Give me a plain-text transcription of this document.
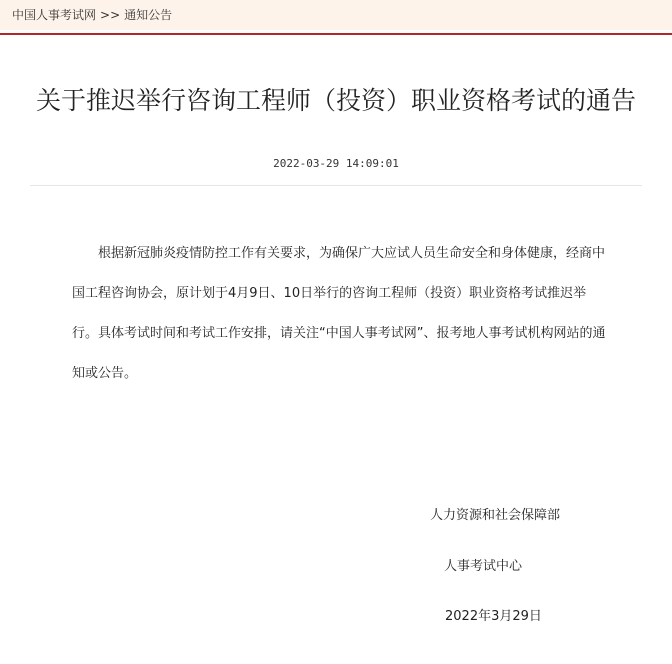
中国人事考试网 >> 通知公告
关于推迟举行咨询工程师（投资）职业资格考试的通告
2022-03-29 14:09:01

根据新冠肺炎疫情防控工作有关要求，为确保广大应试人员生命安全和身体健康，经商中国工程咨询协会，原计划于4月9日、10日举行的咨询工程师（投资）职业资格考试推迟举行。具体考试时间和考试工作安排，请关注“中国人事考试网”、报考地人事考试机构网站的通知或公告。

人力资源和社会保障部
人事考试中心
2022年3月29日
